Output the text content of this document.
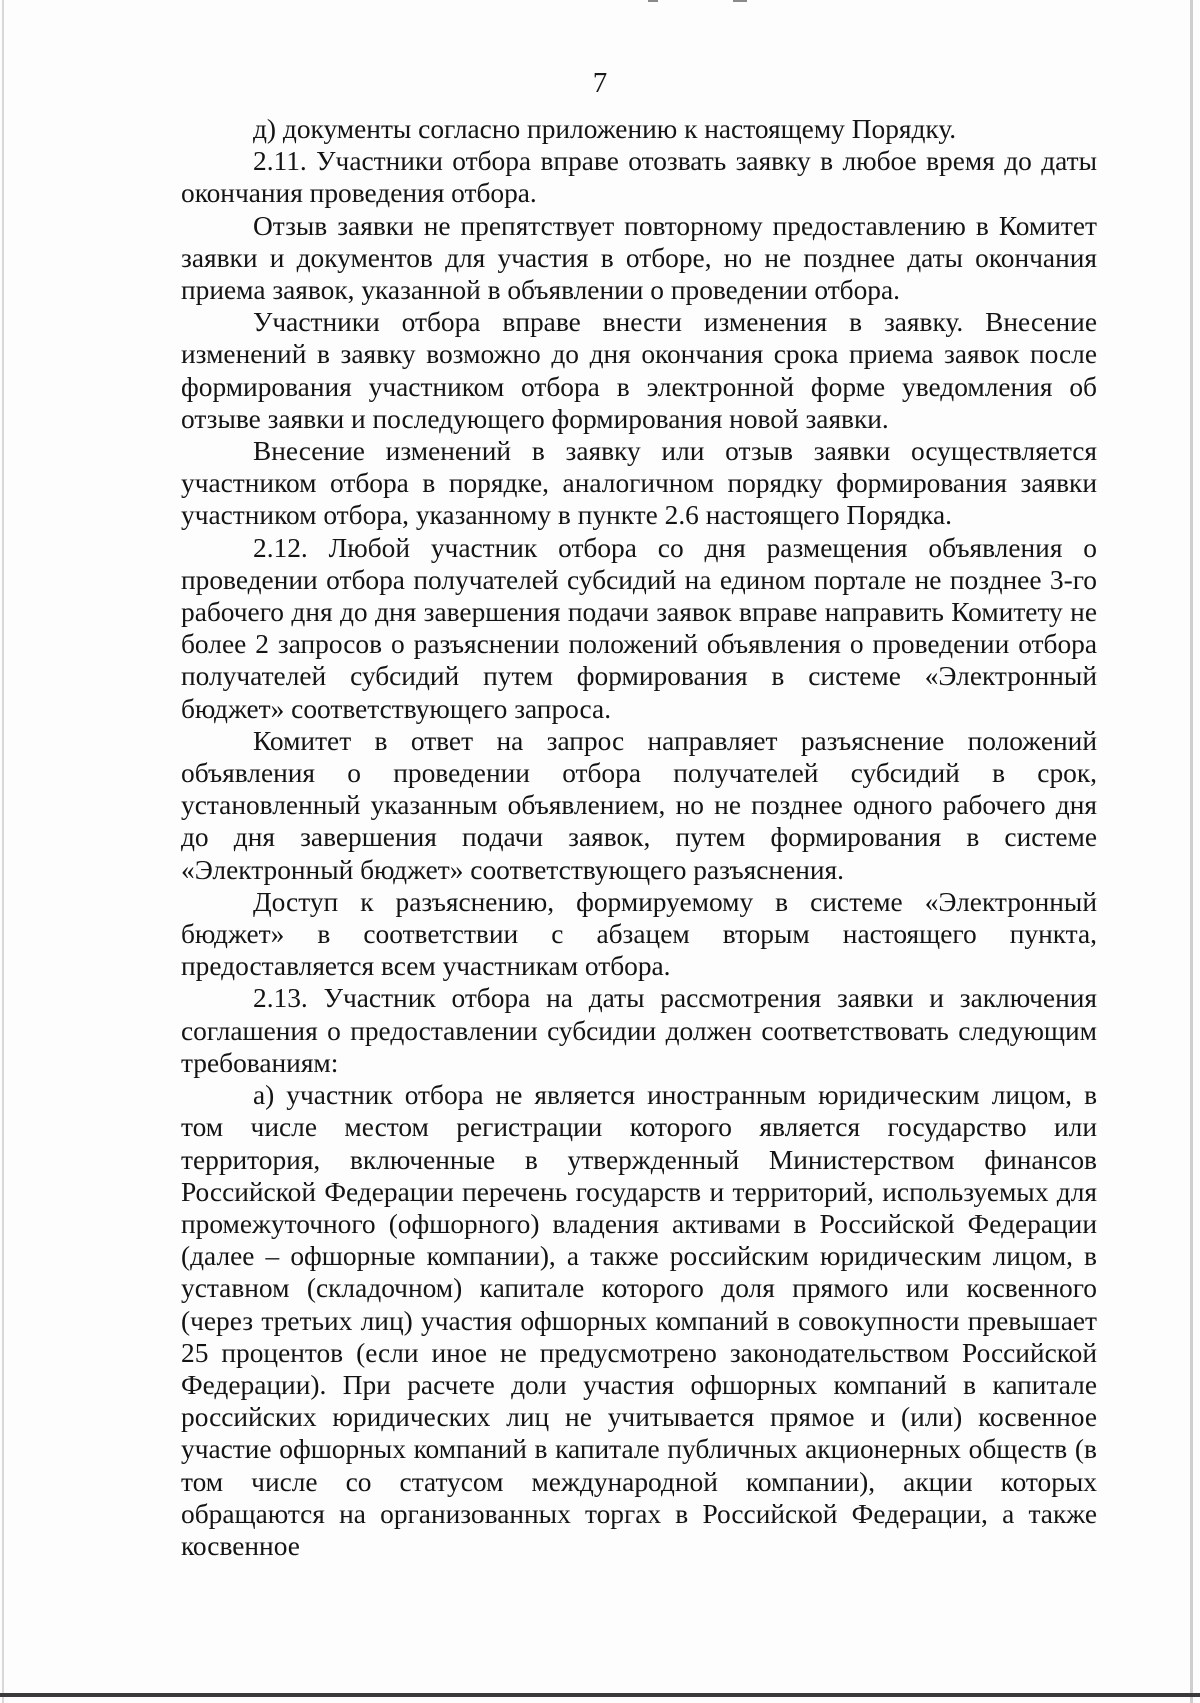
7

д) документы согласно приложению к настоящему Порядку.

2.11. Участники отбора вправе отозвать заявку в любое время до даты окончания проведения отбора.

Отзыв заявки не препятствует повторному предоставлению в Комитет заявки и документов для участия в отборе, но не позднее даты окончания приема заявок, указанной в объявлении о проведении отбора.

Участники отбора вправе внести изменения в заявку. Внесение изменений в заявку возможно до дня окончания срока приема заявок после формирования участником отбора в электронной форме уведомления об отзыве заявки и последующего формирования новой заявки.

Внесение изменений в заявку или отзыв заявки осуществляется участником отбора в порядке, аналогичном порядку формирования заявки участником отбора, указанному в пункте 2.6 настоящего Порядка.

2.12. Любой участник отбора со дня размещения объявления о проведении отбора получателей субсидий на едином портале не позднее 3-го рабочего дня до дня завершения подачи заявок вправе направить Комитету не более 2 запросов о разъяснении положений объявления о проведении отбора получателей субсидий путем формирования в системе «Электронный бюджет» соответствующего запроса.

Комитет в ответ на запрос направляет разъяснение положений объявления о проведении отбора получателей субсидий в срок, установленный указанным объявлением, но не позднее одного рабочего дня до дня завершения подачи заявок, путем формирования в системе «Электронный бюджет» соответствующего разъяснения.

Доступ к разъяснению, формируемому в системе «Электронный бюджет» в соответствии с абзацем вторым настоящего пункта, предоставляется всем участникам отбора.

2.13. Участник отбора на даты рассмотрения заявки и заключения соглашения о предоставлении субсидии должен соответствовать следующим требованиям:

а) участник отбора не является иностранным юридическим лицом, в том числе местом регистрации которого является государство или территория, включенные в утвержденный Министерством финансов Российской Федерации перечень государств и территорий, используемых для промежуточного (офшорного) владения активами в Российской Федерации (далее – офшорные компании), а также российским юридическим лицом, в уставном (складочном) капитале которого доля прямого или косвенного (через третьих лиц) участия офшорных компаний в совокупности превышает 25 процентов (если иное не предусмотрено законодательством Российской Федерации). При расчете доли участия офшорных компаний в капитале российских юридических лиц не учитывается прямое и (или) косвенное участие офшорных компаний в капитале публичных акционерных обществ (в том числе со статусом международной компании), акции которых обращаются на организованных торгах в Российской Федерации, а также косвенное
